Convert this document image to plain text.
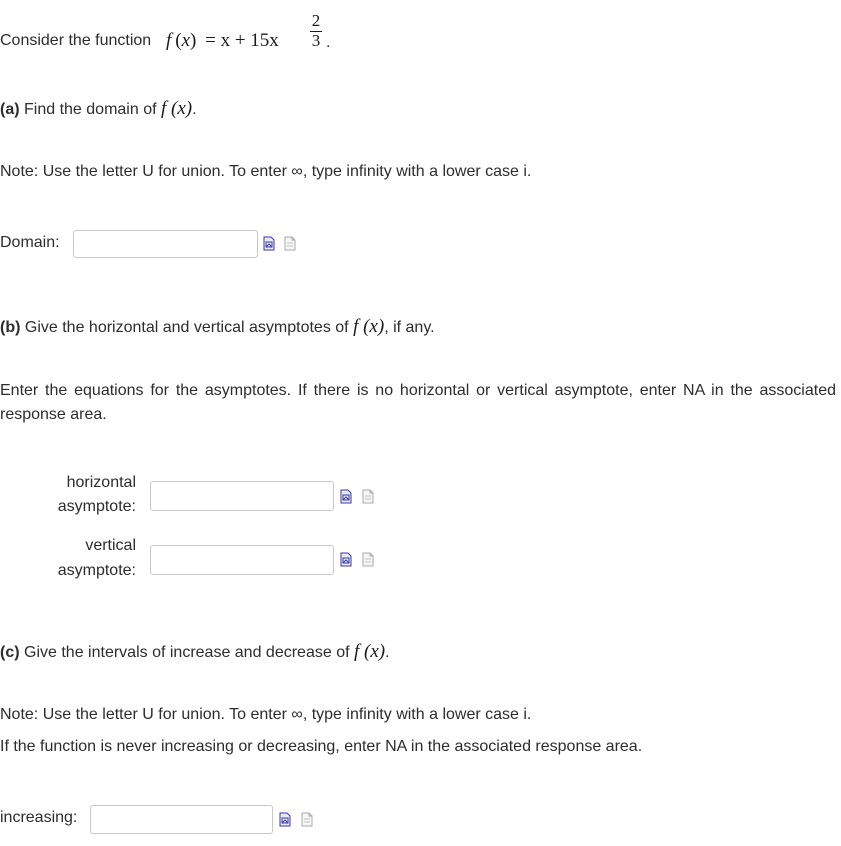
Consider the function f (x) = x + 15x
2
3 .
(a) Find the domain of f (x).
Note: Use the letter U for union. To enter ∞, type infinity with a lower case i.
Domain:
(b) Give the horizontal and vertical asymptotes of f (x), if any.
Enter the equations for the asymptotes. If there is no horizontal or vertical asymptote, enter NA in the associated response area.
horizontal
asymptote:
vertical
asymptote:
(c) Give the intervals of increase and decrease of f (x).
Note: Use the letter U for union. To enter ∞, type infinity with a lower case i.
If the function is never increasing or decreasing, enter NA in the associated response area.
increasing:
